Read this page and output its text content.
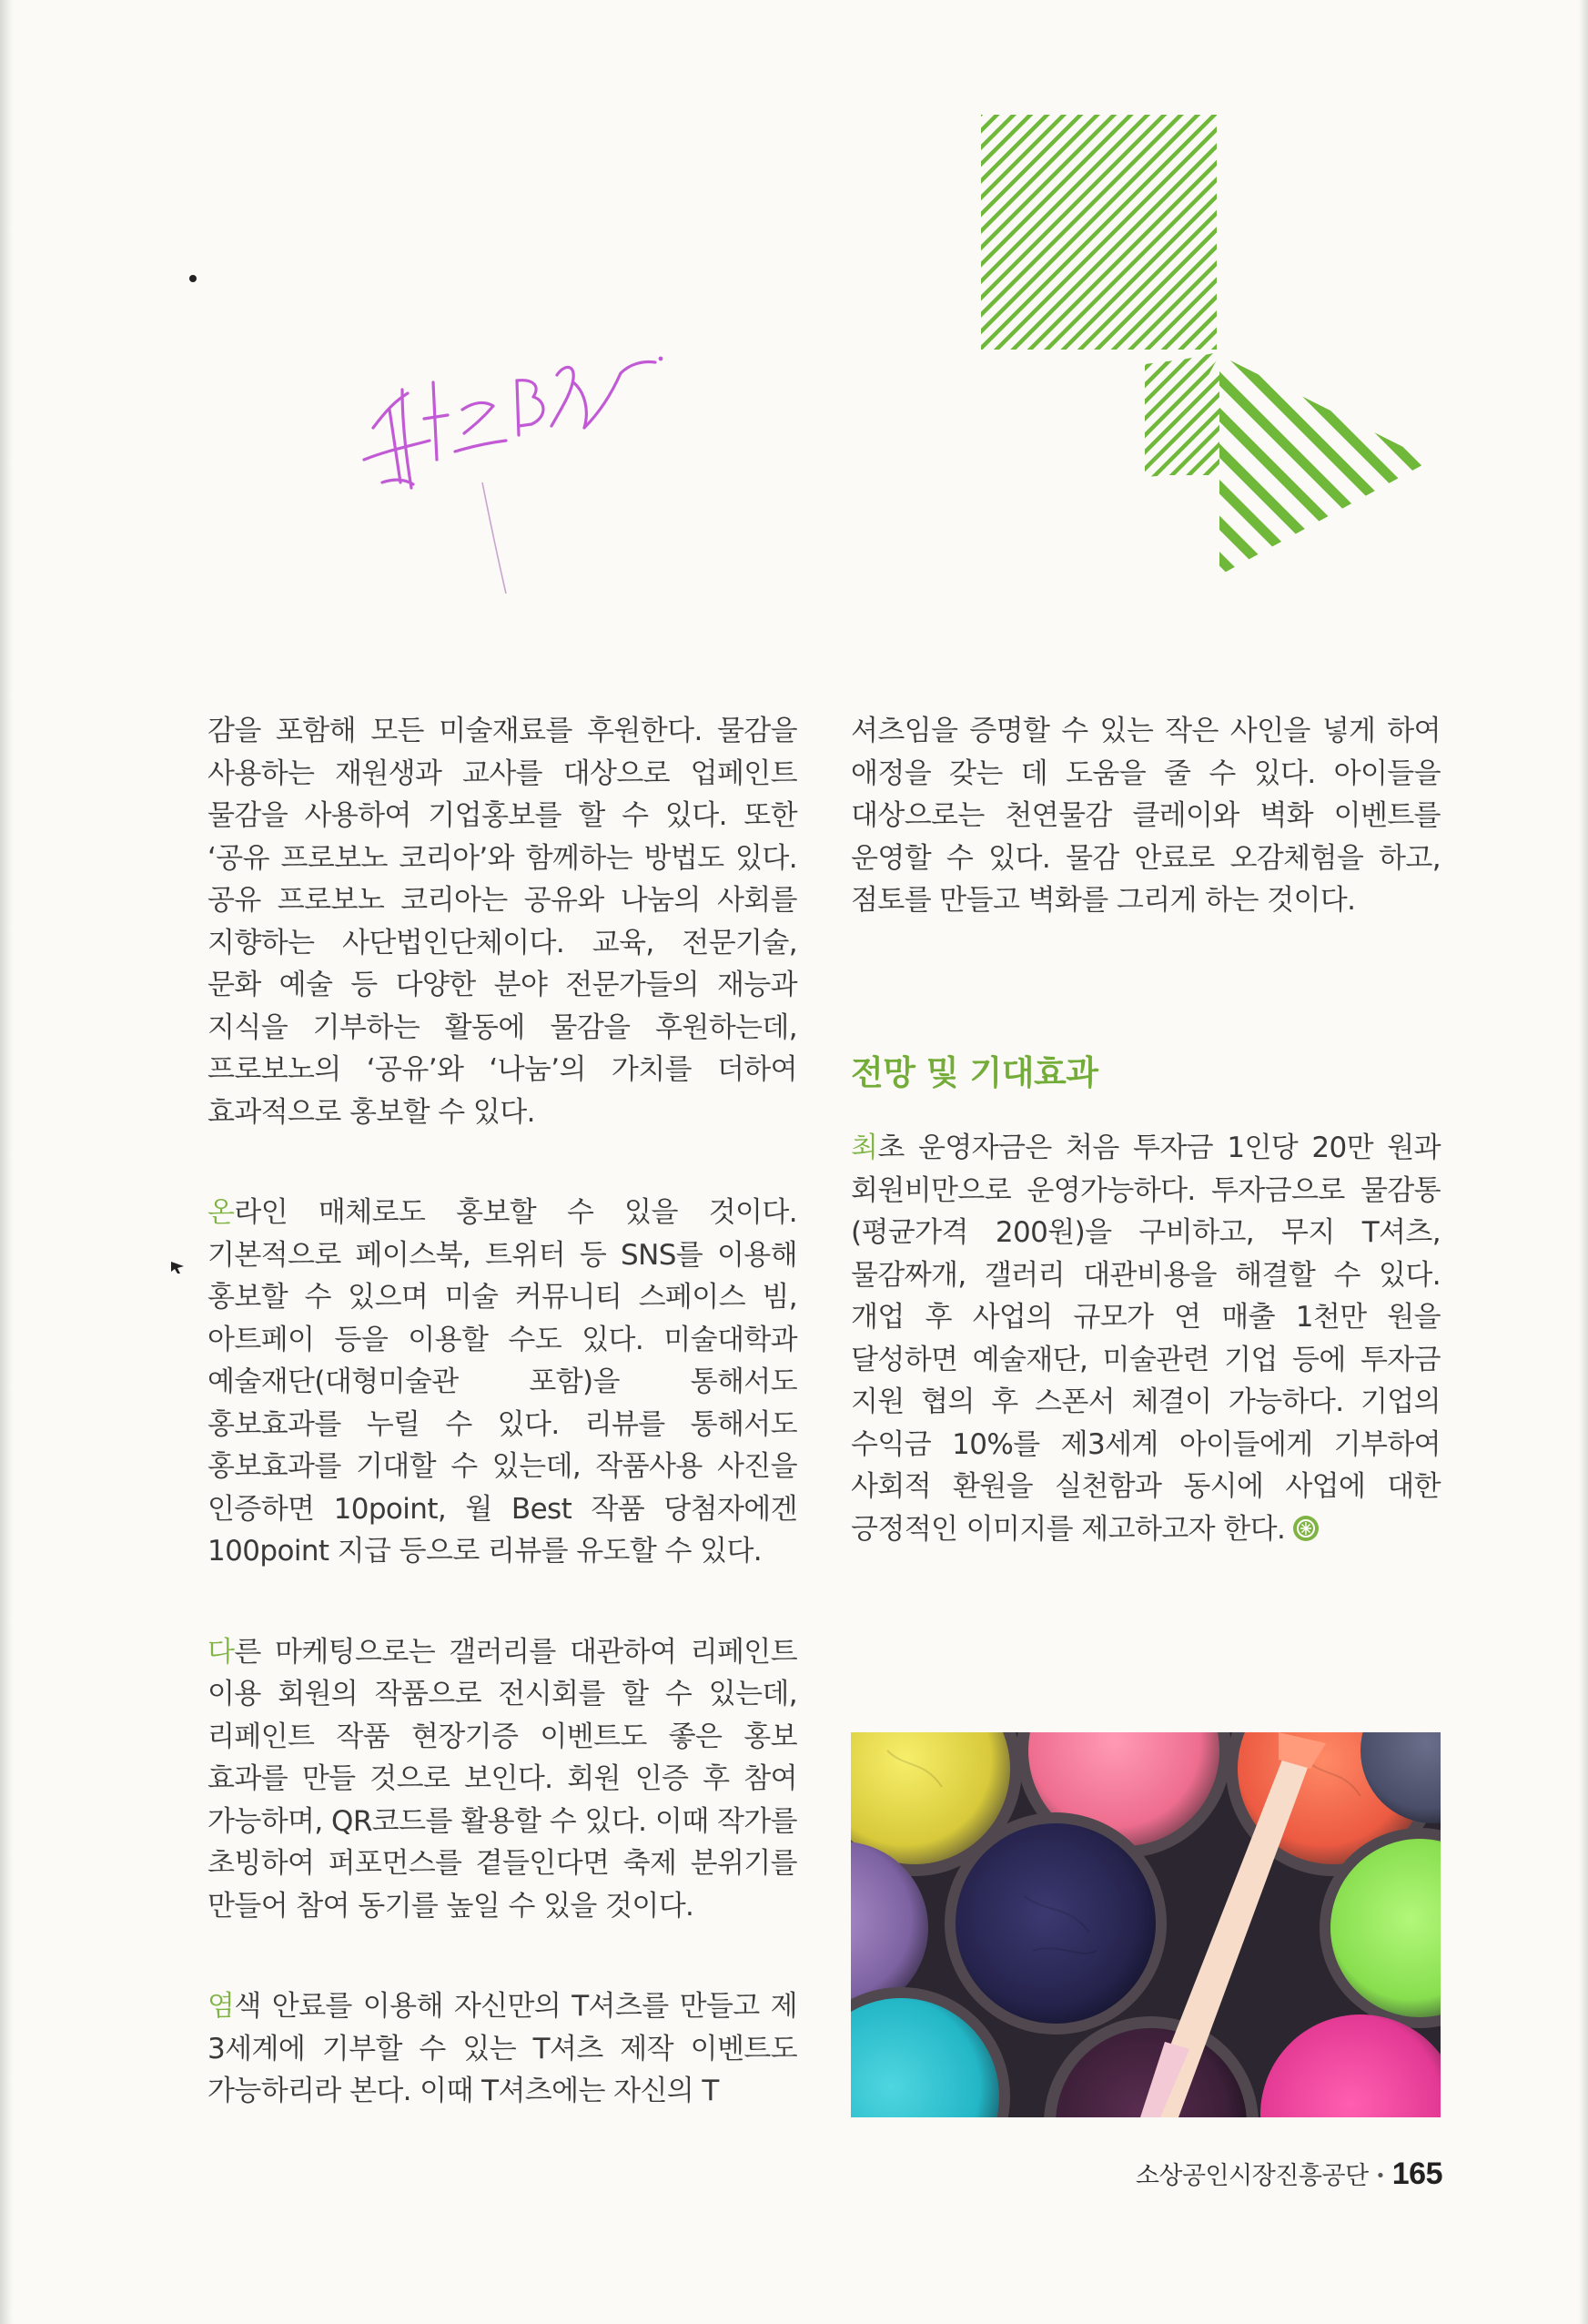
감을 포함해 모든 미술재료를 후원한다. 물감을 사용하는 재원생과 교사를 대상으로 업페인트 물감을 사용하여 기업홍보를 할 수 있다. 또한 ‘공유 프로보노 코리아’와 함께하는 방법도 있다. 공유 프로보노 코리아는 공유와 나눔의 사회를 지향하는 사단법인단체이다. 교육, 전문기술, 문화 예술 등 다양한 분야 전문가들의 재능과 지식을 기부하는 활동에 물감을 후원하는데, 프로보노의 ‘공유’와 ‘나눔’의 가치를 더하여 효과적으로 홍보할 수 있다.

온라인 매체로도 홍보할 수 있을 것이다. 기본적으로 페이스북, 트위터 등 SNS를 이용해 홍보할 수 있으며 미술 커뮤니티 스페이스 빔, 아트페이 등을 이용할 수도 있다. 미술대학과 예술재단(대형미술관 포함)을 통해서도 홍보효과를 누릴 수 있다. 리뷰를 통해서도 홍보효과를 기대할 수 있는데, 작품사용 사진을 인증하면 10point, 월 Best 작품 당첨자에겐 100point 지급 등으로 리뷰를 유도할 수 있다.

다른 마케팅으로는 갤러리를 대관하여 리페인트 이용 회원의 작품으로 전시회를 할 수 있는데, 리페인트 작품 현장기증 이벤트도 좋은 홍보 효과를 만들 것으로 보인다. 회원 인증 후 참여 가능하며, QR코드를 활용할 수 있다. 이때 작가를 초빙하여 퍼포먼스를 곁들인다면 축제 분위기를 만들어 참여 동기를 높일 수 있을 것이다.

염색 안료를 이용해 자신만의 T셔츠를 만들고 제 3세계에 기부할 수 있는 T셔츠 제작 이벤트도 가능하리라 본다. 이때 T셔츠에는 자신의 T

셔츠임을 증명할 수 있는 작은 사인을 넣게 하여 애정을 갖는 데 도움을 줄 수 있다. 아이들을 대상으로는 천연물감 클레이와 벽화 이벤트를 운영할 수 있다. 물감 안료로 오감체험을 하고, 점토를 만들고 벽화를 그리게 하는 것이다.

전망 및 기대효과

최초 운영자금은 처음 투자금 1인당 20만 원과 회원비만으로 운영가능하다. 투자금으로 물감통(평균가격 200원)을 구비하고, 무지 T셔츠, 물감짜개, 갤러리 대관비용을 해결할 수 있다. 개업 후 사업의 규모가 연 매출 1천만 원을 달성하면 예술재단, 미술관련 기업 등에 투자금 지원 협의 후 스폰서 체결이 가능하다. 기업의 수익금 10%를 제3세계 아이들에게 기부하여 사회적 환원을 실천함과 동시에 사업에 대한 긍정적인 이미지를 제고하고자 한다.

소상공인시장진흥공단 • 165
